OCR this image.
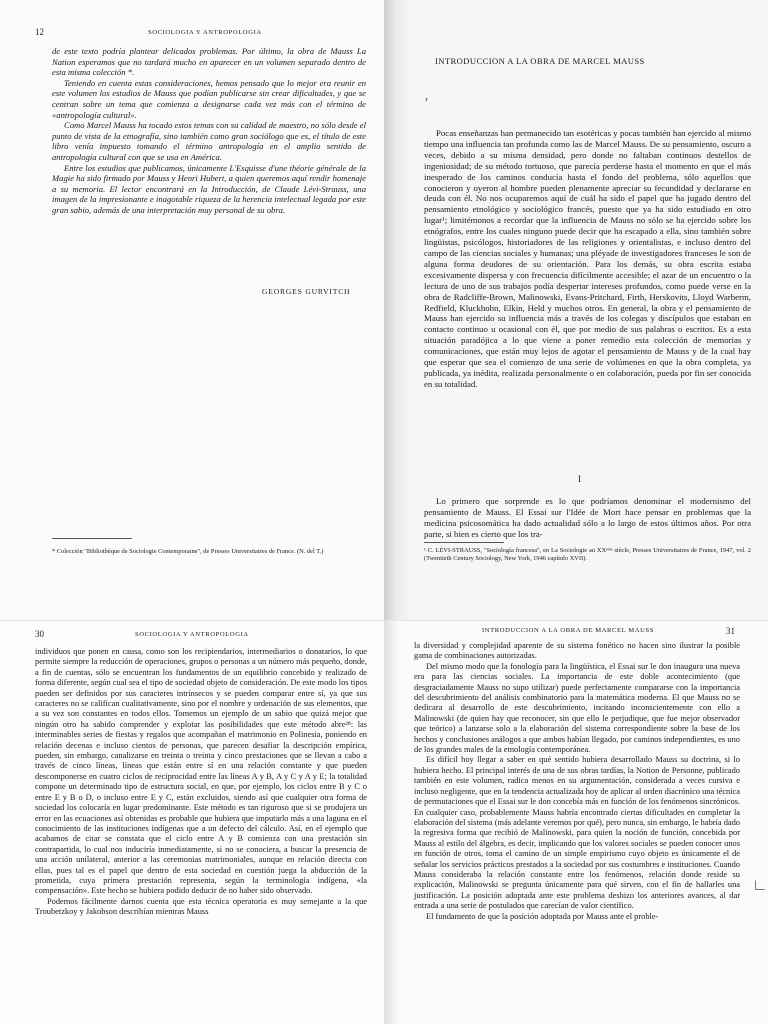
12	SOCIOLOGIA Y ANTROPOLOGIA

de este texto podría plantear delicados problemas. Por último, la obra de Mauss La Nation esperamos que no tardará mucho en aparecer en un volumen separado dentro de esta misma colección *.

Teniendo en cuenta estas consideraciones, hemos pensado que lo mejor era reunir en este volumen los estudios de Mauss que podían publicarse sin crear dificultades, y que se centran sobre un tema que comienza a designarse cada vez más con el término de «antropología cultural».

Como Marcel Mauss ha tocado estos temas con su calidad de maestro, no sólo desde el punto de vista de la etnografía, sino también como gran sociólogo que es, el título de este libro venía impuesto tomando el término antropología en el amplio sentido de antropología cultural con que se usa en América.

Entre los estudios que publicamos, únicamente L'Esquisse d'une théorie générale de la Magie ha sido firmado por Mauss y Henri Hubert, a quien queremos aquí rendir homenaje a su memoria. El lector encontrará en la Introducción, de Claude Lévi-Strauss, una imagen de la impresionante e inagotable riqueza de la herencia intelectual legada por este gran sabio, además de una interpretación muy personal de su obra.

GEORGES GURVITCH
* Colección "Bibliothèque de Sociologie Contemporaine", de Presses Universitaires de France. (N. del T.)
INTRODUCCION A LA OBRA DE MARCEL MAUSS
’

Pocas enseñanzas han permanecido tan esotéricas y pocas también han ejercido al mismo tiempo una influencia tan profunda como las de Marcel Mauss. De su pensamiento, oscuro a veces, debido a su misma densidad, pero donde no faltaban continuos destellos de ingeniosidad; de su método tortuoso, que parecía perderse hasta el momento en que el más inesperado de los caminos conducía hasta el fondo del problema, sólo aquellos que conocieron y oyeron al hombre pueden plenamente apreciar su fecundidad y declararse en deuda con él. No nos ocuparemos aquí de cuál ha sido el papel que ha jugado dentro del pensamiento etnológico y sociológico francés, puesto que ya ha sido estudiado en otro lugar¹; limitémonos a recordar que la influencia de Mauss no sólo se ha ejercido sobre los etnógrafos, entre los cuales ninguno puede decir que ha escapado a ella, sino también sobre lingüistas, psicólogos, historiadores de las religiones y orientalistas, e incluso dentro del campo de las ciencias sociales y humanas; una pléyade de investigadores franceses le son de alguna forma deudores de su orientación. Para los demás, su obra escrita estaba excesivamente dispersa y con frecuencia difícilmente accesible; el azar de un encuentro o la lectura de uno de sus trabajos podía despertar intereses profundos, como puede verse en la obra de Radcliffe-Brown, Malinowski, Evans-Pritchard, Firth, Herskovits, Lloyd Warberm, Redfield, Kluckhohn, Elkin, Held y muchos otros. En general, la obra y el pensamiento de Mauss han ejercido su influencia más a través de los colegas y discípulos que estaban en contacto continuo u ocasional con él, que por medio de sus palabras o escritos. Es a esta situación paradójica a lo que viene a poner remedio esta colección de memorias y comunicaciones, que están muy lejos de agotar el pensamiento de Mauss y de la cual hay que esperar que sea el comienzo de una serie de volúmenes en que la obra completa, ya publicada, ya inédita, realizada personalmente o en colaboración, pueda por fin ser conocida en su totalidad.

I

Lo primero que sorprende es lo que podríamos denominar el modernismo del pensamiento de Mauss. El Essai sur l'Idée de Mort hace pensar en problemas que la medicina psicosomática ha dado actualidad sólo a lo largo de estos últimos años. Por otra parte, si bien es cierto que los tra-

¹ C. LÉVI-STRAUSS, "Sociología francesa", en La Sociologie au XXᵉᵐᵉ siècle, Presses Universitaires de France, 1947, vol. 2 (Twentieth Century Sociology, New York, 1946 capítulo XVII).
30	SOCIOLOGIA Y ANTROPOLOGIA

individuos que ponen en causa, como son los recipiendarios, intermediarios o donatarios, lo que permite siempre la reducción de operaciones, grupos o personas a un número más pequeño, donde, a fin de cuentas, sólo se encuentran los fundamentos de un equilibrio concebido y realizado de forma diferente, según cual sea el tipo de sociedad objeto de consideración. De este modo los tipos pueden ser definidos por sus caracteres intrínsecos y se pueden comparar entre sí, ya que sus caracteres no se califican cualitativamente, sino por el nombre y ordenación de sus elementos, que a su vez son constantes en todos ellos. Tomemos un ejemplo de un sabio que quizá mejor que ningún otro ha sabido comprender y explotar las posibilidades que este método abre²⁸: las interminables series de fiestas y regalos que acompañan el matrimonio en Polinesia, poniendo en relación decenas e incluso cientos de personas, que parecen desafiar la descripción empírica, pueden, sin embargo, canalizarse en treinta o treinta y cinco prestaciones que se llevan a cabo a través de cinco líneas, líneas que están entre sí en una relación constante y que pueden descomponerse en cuatro ciclos de reciprocidad entre las líneas A y B, A y C y A y E; la totalidad compone un determinado tipo de estructura social, en que, por ejemplo, los ciclos entre B y C o entre E y B o D, o incluso entre E y C, están excluidos, siendo así que cualquier otra forma de sociedad los colocaría en lugar predominante. Este método es tan riguroso que si se produjera un error en las ecuaciones así obtenidas es probable que hubiera que imputarlo más a una laguna en el conocimiento de las instituciones indígenas que a un defecto del cálculo. Así, en el ejemplo que acabamos de citar se constata que el ciclo entre A y B comienza con una prestación sin contrapartida, lo cual nos induciría inmediatamente, si no se conociera, a buscar la presencia de una acción unilateral, anterior a las ceremonias matrimoniales, aunque en relación directa con ellas, pues tal es el papel que dentro de esta sociedad en cuestión juega la abducción de la prometida, cuya primera prestación representa, según la terminología indígena, «la compensación». Este hecho se hubiera podido deducir de no haber sido observado.

Podemos fácilmente darnos cuenta que esta técnica operatoria es muy semejante a la que Troubetzkoy y Jakobson describían mientras Mauss

INTRODUCCION A LA OBRA DE MARCEL MAUSS	31

la diversidad y complejidad aparente de su sistema fonético no hacen sino ilustrar la posible gama de combinaciones autorizadas.

Del mismo modo que la fonología para la lingüística, el Essai sur le don inaugura una nueva era para las ciencias sociales. La importancia de este doble acontecimiento (que desgraciadamente Mauss no supo utilizar) puede perfectamente compararse con la importancia del descubrimiento del análisis combinatorio para la matemática moderna. El que Mauss no se dedicara al desarrollo de este descubrimiento, incitando inconscientemente con ello a Malinowski (de quien hay que reconocer, sin que ello le perjudique, que fue mejor observador que teórico) a lanzarse solo a la elaboración del sistema correspondiente sobre la base de los hechos y conclusiones análogos a que ambos habían llegado, por caminos independientes, es uno de los grandes males de la etnología contemporánea.

Es difícil hoy llegar a saber en qué sentido hubiera desarrollado Mauss su doctrina, si lo hubiera hecho. El principal interés de una de sus obras tardías, la Notion de Personne, publicado también en este volumen, radica menos en su argumentación, considerada a veces cursiva e incluso negligente, que en la tendencia actualizada hoy de aplicar al orden diacrónico una técnica de permutaciones que el Essai sur le don concebía más en función de los fenómenos sincrónicos. En cualquier caso, probablemente Mauss habría encontrado ciertas dificultades en completar la elaboración del sistema (más adelante veremos por qué), pero nunca, sin embargo, le habría dado la regresiva forma que recibió de Malinowski, para quien la noción de función, concebida por Mauss al estilo del álgebra, es decir, implicando que los valores sociales se pueden conocer unos en función de otros, toma el camino de un simple empirismo cuyo objeto es únicamente el de señalar los servicios prácticos prestados a la sociedad por sus costumbres e instituciones. Cuando Mauss consideraba la relación constante entre los fenómenos, relación donde reside su explicación, Malinowski se pregunta únicamente para qué sirven, con el fin de hallarles una justificación. La posición adoptada ante este problema deshizo los anteriores avances, al dar entrada a una serie de postulados que carecían de valor científico.

El fundamento de que la posición adoptada por Mauss ante el proble-

∟
